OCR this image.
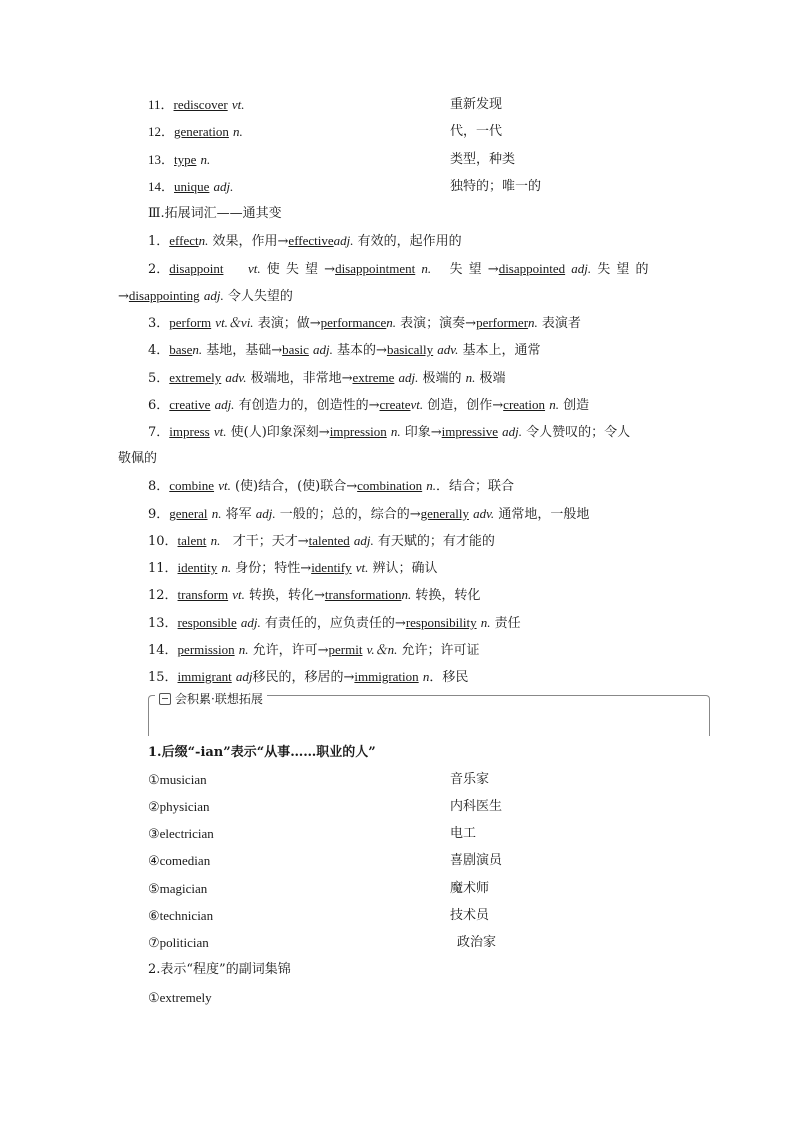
11．rediscover vt.	重新发现
12．generation n.	代，一代
13．type n.	类型，种类
14．unique adj.	独特的；唯一的
Ⅲ.拓展词汇——通其变
1．effectn. 效果，作用→effectiveadj. 有效的，起作用的
2．disappoint vt. 使 失 望 →disappointment n.   失 望 →disappointed adj. 失 望 的
→disappointing adj. 令人失望的
3．perform vt.＆vi. 表演；做→performancen. 表演；演奏→performern. 表演者
4．basen. 基地，基础→basic adj. 基本的→basically adv. 基本上，通常
5．extremely adv. 极端地，非常地→extreme adj. 极端的 n. 极端
6．creative adj. 有创造力的，创造性的→createvt. 创造，创作→creation n. 创造
7．impress vt. 使(人)印象深刻→impression n. 印象→impressive adj. 令人赞叹的；令人
敬佩的
8．combine vt. (使)结合，(使)联合→combination n.．结合；联合
9．general n. 将军 adj. 一般的；总的，综合的→generally adv. 通常地，一般地
10．talent n.   才干；天才→talented adj. 有天赋的；有才能的
11．identity n. 身份；特性→identify vt. 辨认；确认
12．transform vt. 转换，转化→transformationn. 转换，转化
13．responsible adj. 有责任的，应负责任的→responsibility n. 责任
14．permission n. 允许，许可→permit v.＆n. 允许；许可证
15．immigrant adj移民的，移居的→immigration n．移民
会积累·联想拓展
1.后缀“-ian”表示“从事……职业的人”
①musician	音乐家
②physician	内科医生
③electrician	电工
④comedian	喜剧演员
⑤magician	魔术师
⑥technician	技术员
⑦politician	政治家
2.表示“程度”的副词集锦
①extremely
